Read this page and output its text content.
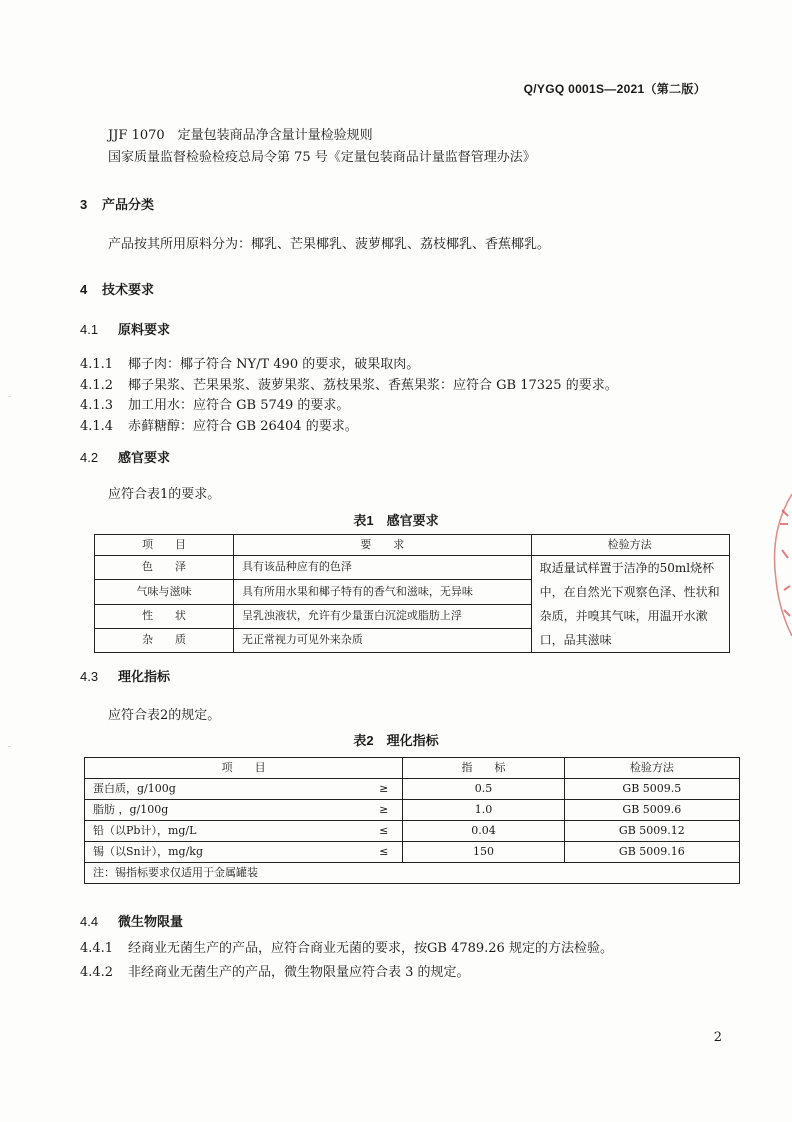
Q/YGQ 0001S—2021（第二版）
JJF 1070　定量包装商品净含量计量检验规则
国家质量监督检验检疫总局令第 75 号《定量包装商品计量监督管理办法》
3 产品分类
产品按其所用原料分为：椰乳、芒果椰乳、菠萝椰乳、荔枝椰乳、香蕉椰乳。
4 技术要求
4.1 原料要求
4.1.1 椰子肉：椰子符合 NY/T 490 的要求，破果取肉。
4.1.2 椰子果浆、芒果果浆、菠萝果浆、荔枝果浆、香蕉果浆：应符合 GB 17325 的要求。
4.1.3 加工用水：应符合 GB 5749 的要求。
4.1.4 赤藓糖醇：应符合 GB 26404 的要求。
4.2 感官要求
应符合表1的要求。
表1　感官要求
项　　目	要　　求	检验方法
色　　泽	具有该品种应有的色泽	取适量试样置于洁净的50ml烧杯中，在自然光下观察色泽、性状和杂质，并嗅其气味，用温开水漱口，品其滋味
气味与滋味	具有所用水果和椰子特有的香气和滋味，无异味	
性　　状	呈乳浊液状，允许有少量蛋白沉淀或脂肪上浮	
杂　　质	无正常视力可见外来杂质	
4.3 理化指标
应符合表2的规定。
表2　理化指标
项　　目	指　　标	检验方法
蛋白质，g/100g ≥	0.5	GB 5009.5
脂肪 ，g/100g ≥	1.0	GB 5009.6
铅（以Pb计），mg/L ≤	0.04	GB 5009.12
锡（以Sn计），mg/kg ≤	150	GB 5009.16
注：锡指标要求仅适用于金属罐装		
4.4 微生物限量
4.4.1 经商业无菌生产的产品，应符合商业无菌的要求，按GB 4789.26 规定的方法检验。
4.4.2 非经商业无菌生产的产品，微生物限量应符合表 3 的规定。
2
-
-
